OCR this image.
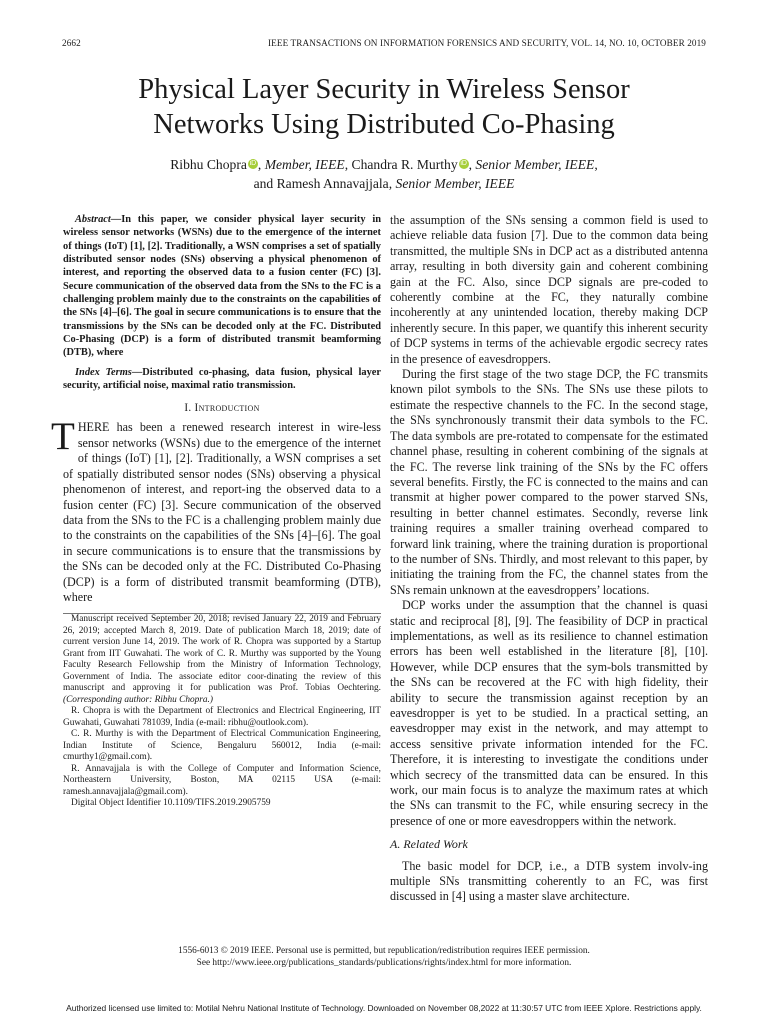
2662	IEEE TRANSACTIONS ON INFORMATION FORENSICS AND SECURITY, VOL. 14, NO. 10, OCTOBER 2019
Physical Layer Security in Wireless Sensor
Networks Using Distributed Co-Phasing
Ribhu Chopra iD , Member, IEEE, Chandra R. Murthy iD , Senior Member, IEEE,
and Ramesh Annavajjala, Senior Member, IEEE

Abstract—In this paper, we consider physical layer security in wireless sensor networks (WSNs) due to the emergence of the internet of things (IoT) [1], [2]. Traditionally, a WSN comprises a set of spatially distributed sensor nodes (SNs) observing a physical phenomenon of interest, and reporting the observed data to a fusion center (FC) [3]. Secure communication of the observed data from the SNs to the FC is a challenging problem mainly due to the constraints on the capabilities of the SNs [4]–[6]. The goal in secure communications is to ensure that the transmissions by the SNs can be decoded only at the FC. Distributed Co-Phasing (DCP) is a form of distributed transmit beamforming (DTB), where

Index Terms—Distributed co-phasing, data fusion, physical layer security, artificial noise, maximal ratio transmission.

I. Introduction

THERE has been a renewed research interest in wire-less sensor networks (WSNs) due to the emergence of the internet of things (IoT) [1], [2]. Traditionally, a WSN comprises a set of spatially distributed sensor nodes (SNs) observing a physical phenomenon of interest, and report-ing the observed data to a fusion center (FC) [3]. Secure communication of the observed data from the SNs to the FC is a challenging problem mainly due to the constraints on the capabilities of the SNs [4]–[6]. The goal in secure communications is to ensure that the transmissions by the SNs can be decoded only at the FC. Distributed Co-Phasing (DCP) is a form of distributed transmit beamforming (DTB), where

Manuscript received September 20, 2018; revised January 22, 2019 and February 26, 2019; accepted March 8, 2019. Date of publication March 18, 2019; date of current version June 14, 2019. The work of R. Chopra was supported by a Startup Grant from IIT Guwahati. The work of C. R. Murthy was supported by the Young Faculty Research Fellowship from the Ministry of Information Technology, Government of India. The associate editor coor-dinating the review of this manuscript and approving it for publication was Prof. Tobias Oechtering. (Corresponding author: Ribhu Chopra.)

R. Chopra is with the Department of Electronics and Electrical Engineering, IIT Guwahati, Guwahati 781039, India (e-mail: ribhu@outlook.com).

C. R. Murthy is with the Department of Electrical Communication Engineering, Indian Institute of Science, Bengaluru 560012, India (e-mail: cmurthy1@gmail.com).

R. Annavajjala is with the College of Computer and Information Science, Northeastern University, Boston, MA 02115 USA (e-mail: ramesh.annavajjala@gmail.com).

Digital Object Identifier 10.1109/TIFS.2019.2905759

the assumption of the SNs sensing a common field is used to achieve reliable data fusion [7]. Due to the common data being transmitted, the multiple SNs in DCP act as a distributed antenna array, resulting in both diversity gain and coherent combining gain at the FC. Also, since DCP signals are pre-coded to coherently combine at the FC, they naturally combine incoherently at any unintended location, thereby making DCP inherently secure. In this paper, we quantify this inherent security of DCP systems in terms of the achievable ergodic secrecy rates in the presence of eavesdroppers.

During the first stage of the two stage DCP, the FC transmits known pilot symbols to the SNs. The SNs use these pilots to estimate the respective channels to the FC. In the second stage, the SNs synchronously transmit their data symbols to the FC. The data symbols are pre-rotated to compensate for the estimated channel phase, resulting in coherent combining of the signals at the FC. The reverse link training of the SNs by the FC offers several benefits. Firstly, the FC is connected to the mains and can transmit at higher power compared to the power starved SNs, resulting in better channel estimates. Secondly, reverse link training requires a smaller training overhead compared to forward link training, where the training duration is proportional to the number of SNs. Thirdly, and most relevant to this paper, by initiating the training from the FC, the channel states from the SNs remain unknown at the eavesdroppers’ locations.

DCP works under the assumption that the channel is quasi static and reciprocal [8], [9]. The feasibility of DCP in practical implementations, as well as its resilience to channel estimation errors has been well established in the literature [8], [10]. However, while DCP ensures that the sym-bols transmitted by the SNs can be recovered at the FC with high fidelity, their ability to secure the transmission against reception by an eavesdropper is yet to be studied. In a practical setting, an eavesdropper may exist in the network, and may attempt to access sensitive private information intended for the FC. Therefore, it is interesting to investigate the conditions under which secrecy of the transmitted data can be ensured. In this work, our main focus is to analyze the maximum rates at which the SNs can transmit to the FC, while ensuring secrecy in the presence of one or more eavesdroppers within the network.

A. Related Work

The basic model for DCP, i.e., a DTB system involv-ing multiple SNs transmitting coherently to an FC, was first discussed in [4] using a master slave architecture.

1556-6013 © 2019 IEEE. Personal use is permitted, but republication/redistribution requires IEEE permission.
See http://www.ieee.org/publications_standards/publications/rights/index.html for more information.
Authorized licensed use limited to: Motilal Nehru National Institute of Technology. Downloaded on November 08,2022 at 11:30:57 UTC from IEEE Xplore. Restrictions apply.
